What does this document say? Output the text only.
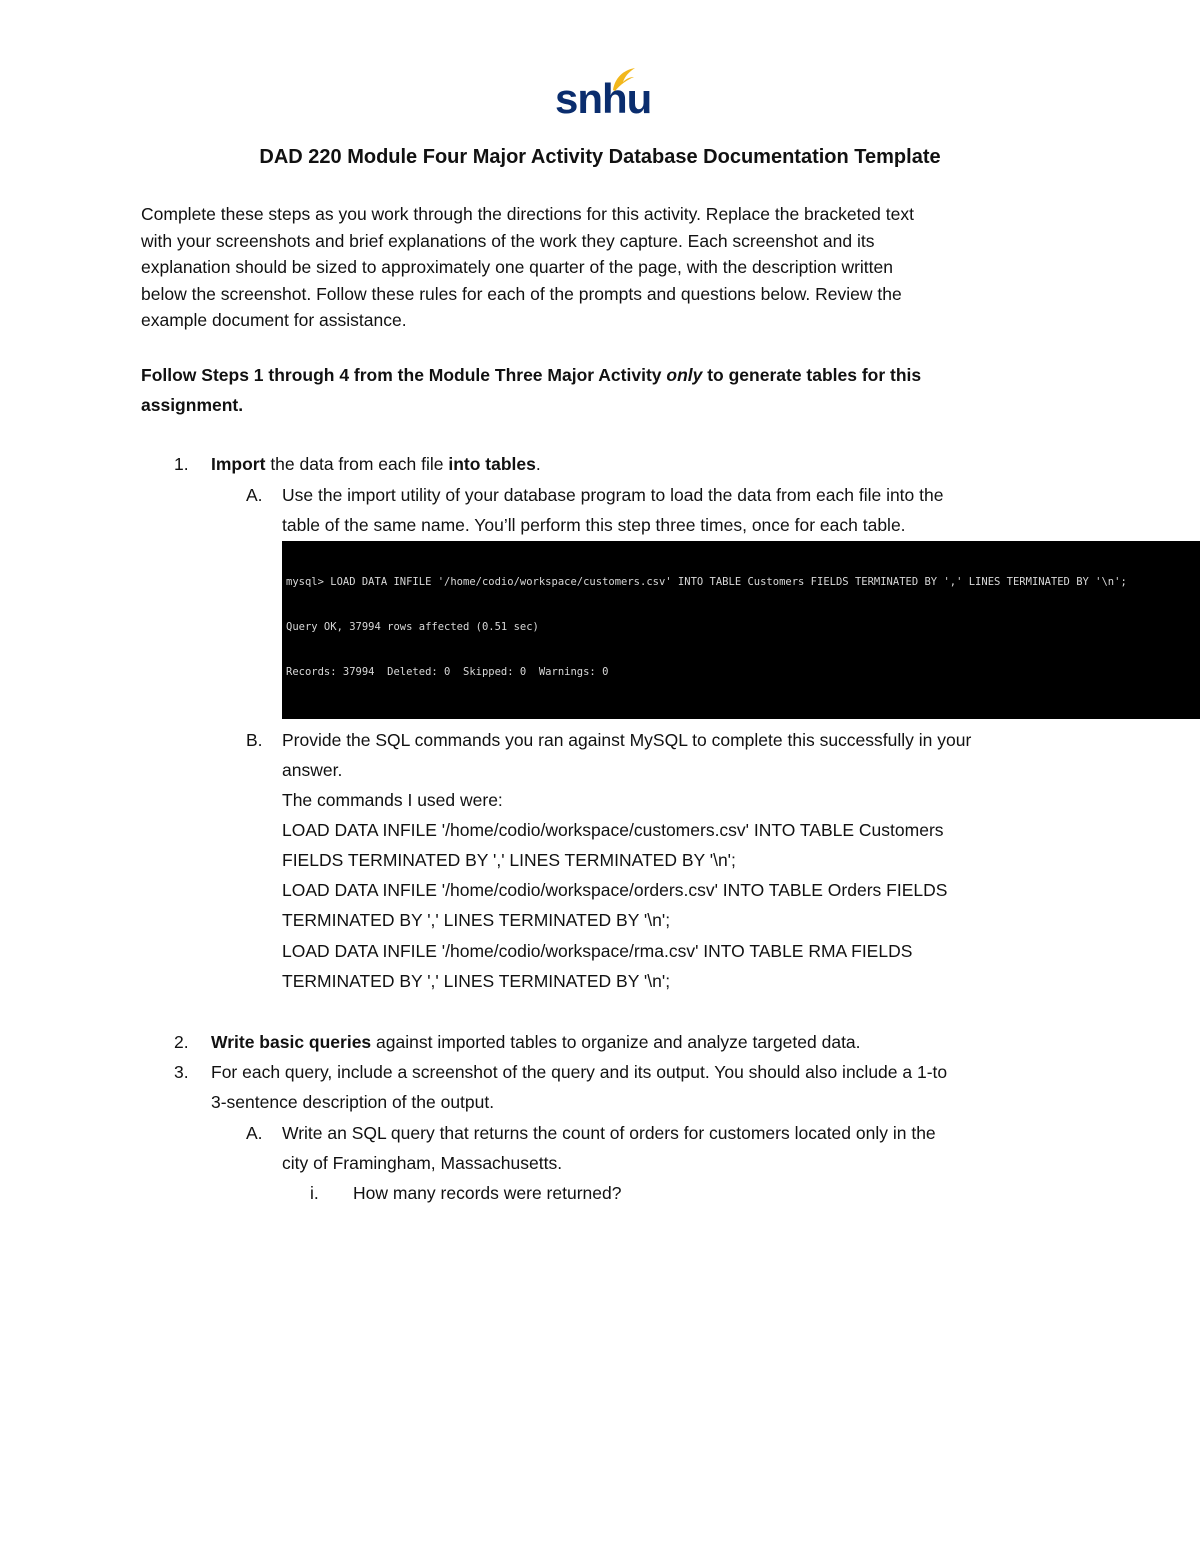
snhu
DAD 220 Module Four Major Activity Database Documentation Template
Complete these steps as you work through the directions for this activity. Replace the bracketed text
with your screenshots and brief explanations of the work they capture. Each screenshot and its
explanation should be sized to approximately one quarter of the page, with the description written
below the screenshot. Follow these rules for each of the prompts and questions below. Review the
example document for assistance.
Follow Steps 1 through 4 from the Module Three Major Activity only to generate tables for this
assignment.
1. Import the data from each file into tables.
A. Use the import utility of your database program to load the data from each file into the
table of the same name. You’ll perform this step three times, once for each table.

mysql> LOAD DATA INFILE '/home/codio/workspace/customers.csv' INTO TABLE Customers FIELDS TERMINATED BY ',' LINES TERMINATED BY '\n';

Query OK, 37994 rows affected (0.51 sec)

Records: 37994  Deleted: 0  Skipped: 0  Warnings: 0

B. Provide the SQL commands you ran against MySQL to complete this successfully in your
answer.
The commands I used were:
LOAD DATA INFILE '/home/codio/workspace/customers.csv' INTO TABLE Customers
FIELDS TERMINATED BY ',' LINES TERMINATED BY '\n';
LOAD DATA INFILE '/home/codio/workspace/orders.csv' INTO TABLE Orders FIELDS
TERMINATED BY ',' LINES TERMINATED BY '\n';
LOAD DATA INFILE '/home/codio/workspace/rma.csv' INTO TABLE RMA FIELDS
TERMINATED BY ',' LINES TERMINATED BY '\n';
2. Write basic queries against imported tables to organize and analyze targeted data.
3. For each query, include a screenshot of the query and its output. You should also include a 1-to
3-sentence description of the output.
A. Write an SQL query that returns the count of orders for customers located only in the
city of Framingham, Massachusetts.
i. How many records were returned?
